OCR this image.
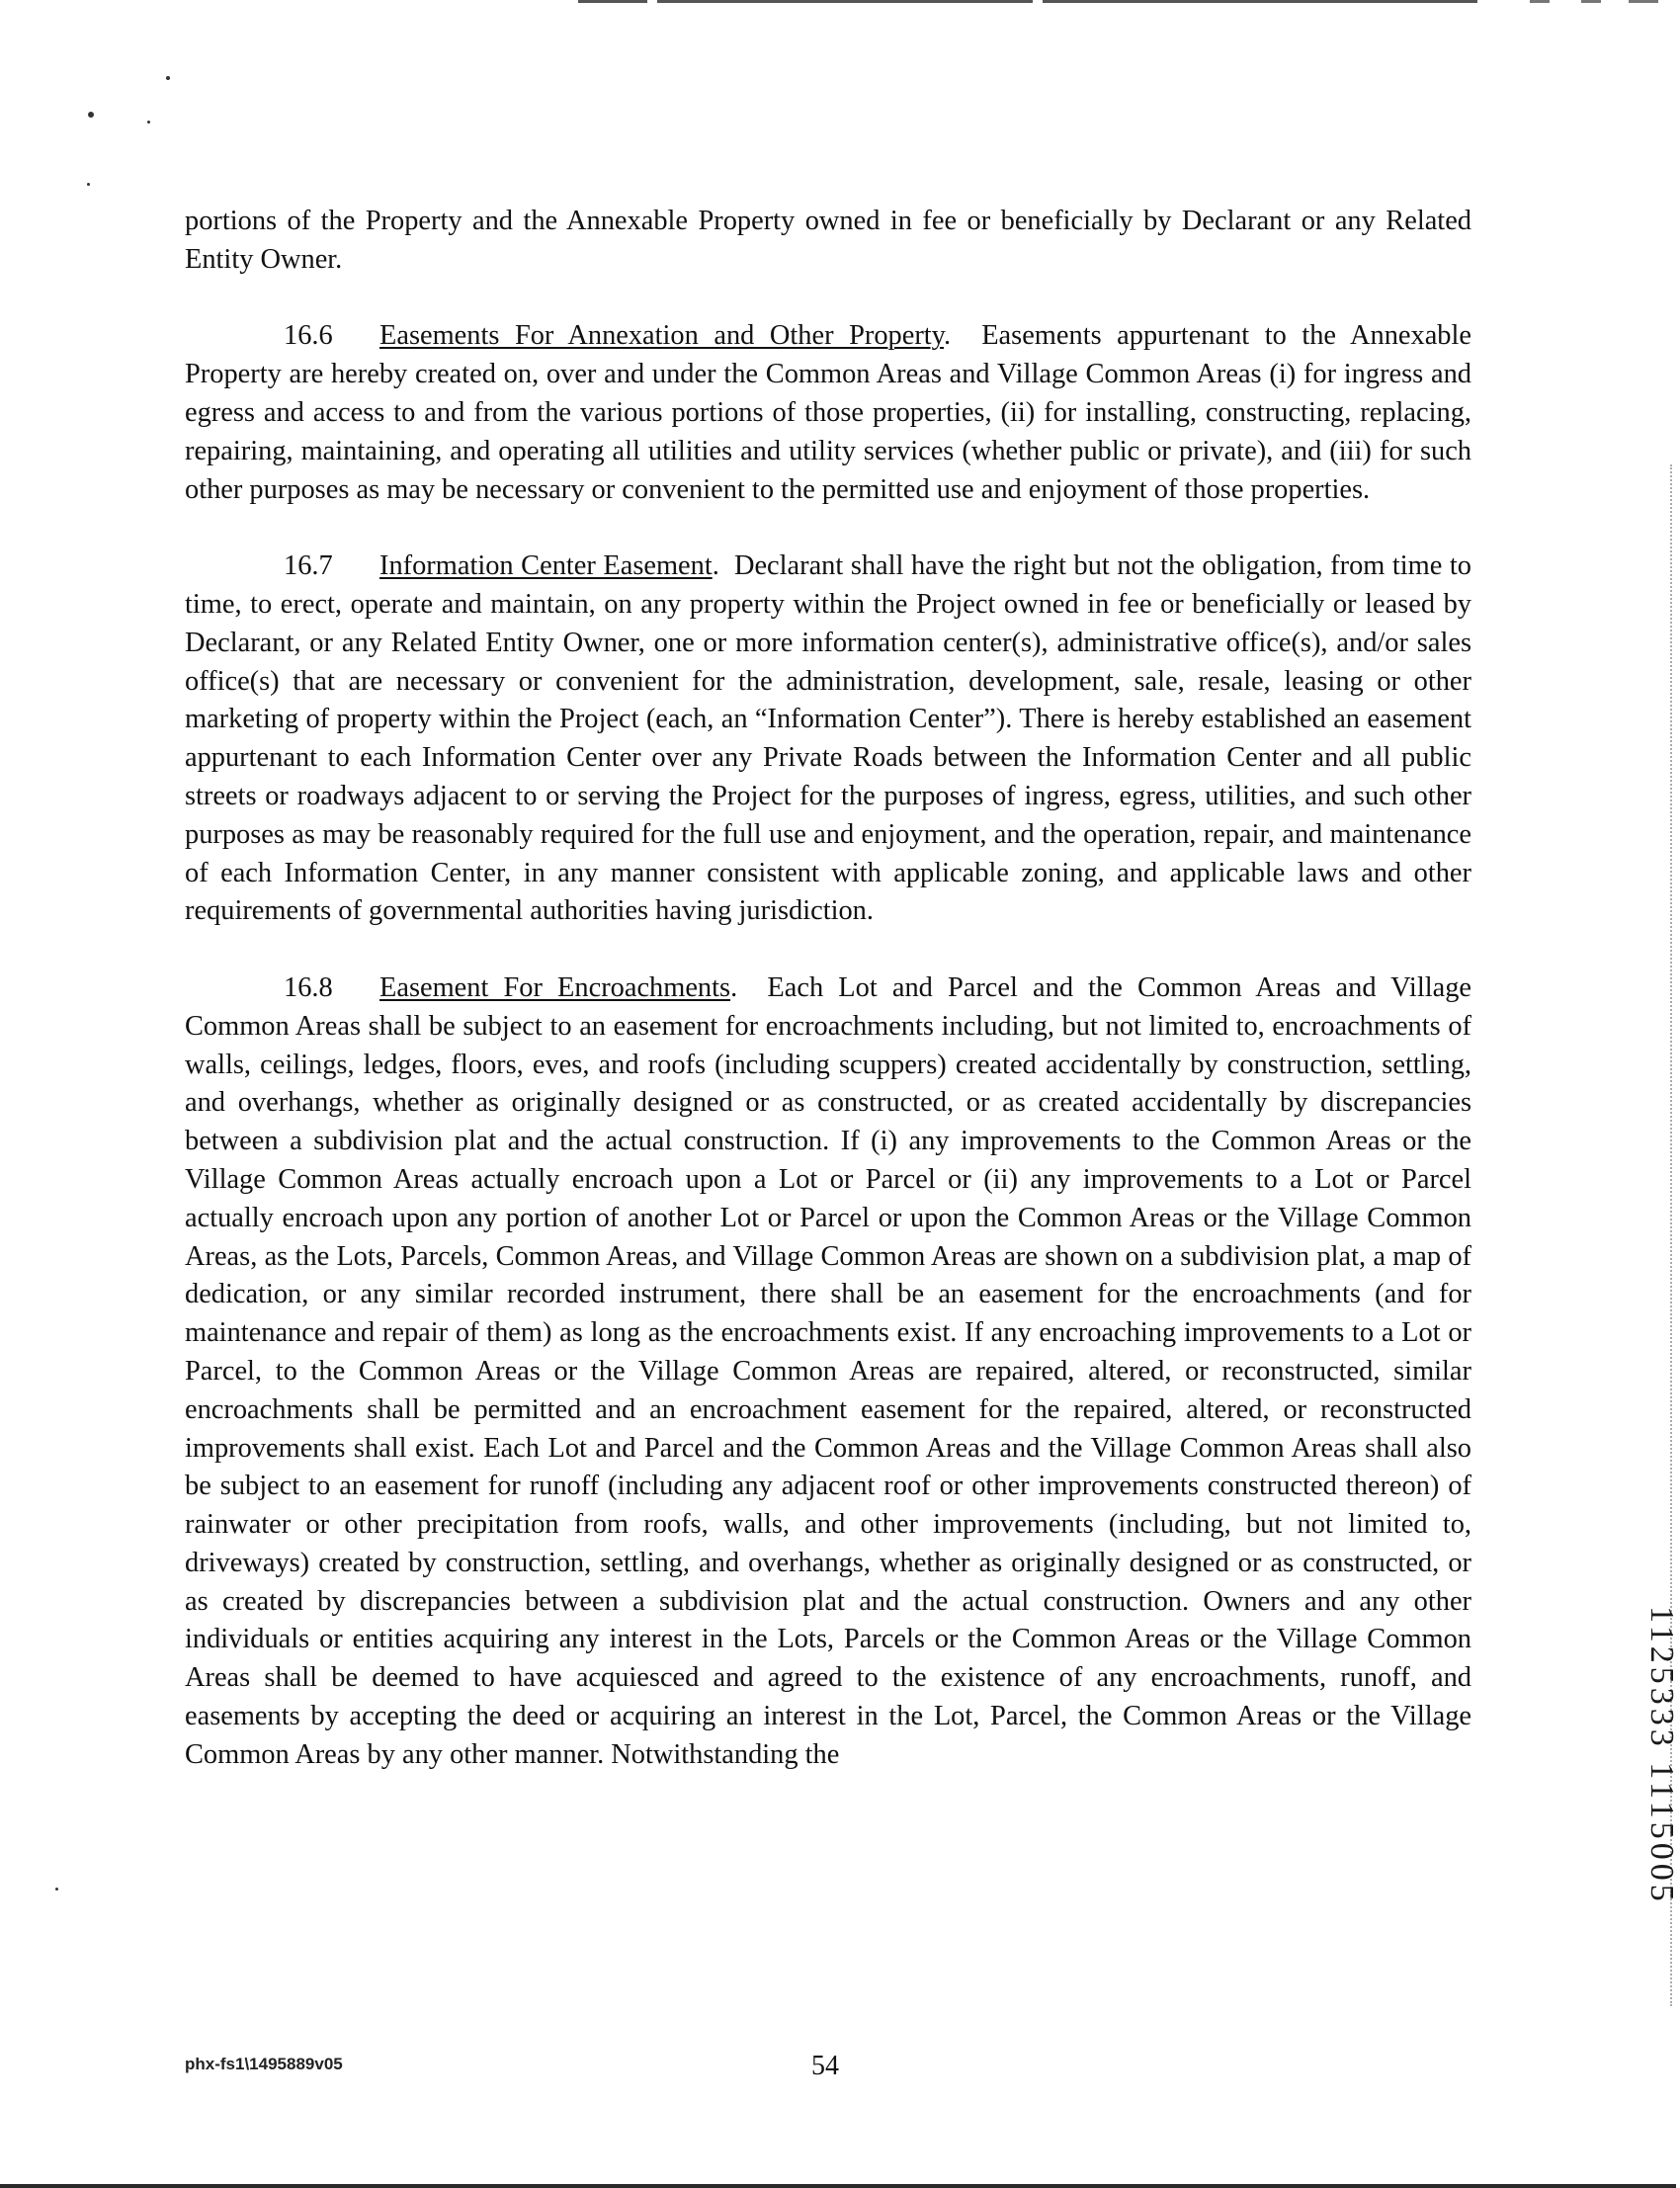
portions of the Property and the Annexable Property owned in fee or beneficially by Declarant or any Related Entity Owner.

16.6 Easements For Annexation and Other Property.  Easements appurtenant to the Annexable Property are hereby created on, over and under the Common Areas and Village Common Areas (i) for ingress and egress and access to and from the various portions of those properties, (ii) for installing, constructing, replacing, repairing, maintaining, and operating all utilities and utility services (whether public or private), and (iii) for such other purposes as may be necessary or convenient to the permitted use and enjoyment of those properties.

16.7 Information Center Easement.  Declarant shall have the right but not the obligation, from time to time, to erect, operate and maintain, on any property within the Project owned in fee or beneficially or leased by Declarant, or any Related Entity Owner, one or more information center(s), administrative office(s), and/or sales office(s) that are necessary or convenient for the administration, development, sale, resale, leasing or other marketing of property within the Project (each, an “Information Center”). There is hereby established an easement appurtenant to each Information Center over any Private Roads between the Information Center and all public streets or roadways adjacent to or serving the Project for the purposes of ingress, egress, utilities, and such other purposes as may be reasonably required for the full use and enjoyment, and the operation, repair, and maintenance of each Information Center, in any manner consistent with applicable zoning, and applicable laws and other requirements of governmental authorities having jurisdiction.

16.8 Easement For Encroachments.  Each Lot and Parcel and the Common Areas and Village Common Areas shall be subject to an easement for encroachments including, but not limited to, encroachments of walls, ceilings, ledges, floors, eves, and roofs (including scuppers) created accidentally by construction, settling, and overhangs, whether as originally designed or as constructed, or as created accidentally by discrepancies between a subdivision plat and the actual construction. If (i) any improvements to the Common Areas or the Village Common Areas actually encroach upon a Lot or Parcel or (ii) any improvements to a Lot or Parcel actually encroach upon any portion of another Lot or Parcel or upon the Common Areas or the Village Common Areas, as the Lots, Parcels, Common Areas, and Village Common Areas are shown on a subdivision plat, a map of dedication, or any similar recorded instrument, there shall be an easement for the encroachments (and for maintenance and repair of them) as long as the encroachments exist. If any encroaching improvements to a Lot or Parcel, to the Common Areas or the Village Common Areas are repaired, altered, or reconstructed, similar encroachments shall be permitted and an encroachment easement for the repaired, altered, or reconstructed improvements shall exist. Each Lot and Parcel and the Common Areas and the Village Common Areas shall also be subject to an easement for runoff (including any adjacent roof or other improvements constructed thereon) of rainwater or other precipitation from roofs, walls, and other improvements (including, but not limited to, driveways) created by construction, settling, and overhangs, whether as originally designed or as constructed, or as created by discrepancies between a subdivision plat and the actual construction. Owners and any other individuals or entities acquiring any interest in the Lots, Parcels or the Common Areas or the Village Common Areas shall be deemed to have acquiesced and agreed to the existence of any encroachments, runoff, and easements by accepting the deed or acquiring an interest in the Lot, Parcel, the Common Areas or the Village Common Areas by any other manner. Notwithstanding the

phx-fs1\1495889v05	54
1125333 1115005
